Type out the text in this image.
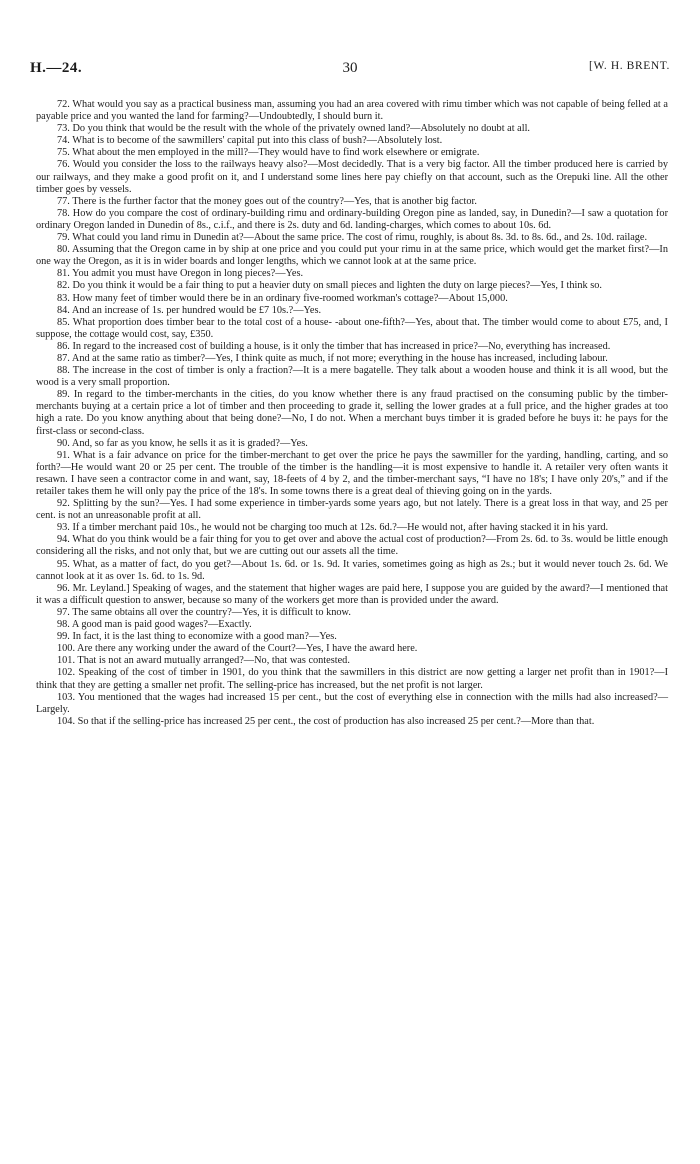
H.—24.	30	[W. H. BRENT.

72. What would you say as a practical business man, assuming you had an area covered with rimu timber which was not capable of being felled at a payable price and you wanted the land for farming?—Undoubtedly, I should burn it.

73. Do you think that would be the result with the whole of the privately owned land?—Absolutely no doubt at all.

74. What is to become of the sawmillers' capital put into this class of bush?—Absolutely lost.

75. What about the men employed in the mill?—They would have to find work elsewhere or emigrate.

76. Would you consider the loss to the railways heavy also?—Most decidedly. That is a very big factor. All the timber produced here is carried by our railways, and they make a good profit on it, and I understand some lines here pay chiefly on that account, such as the Orepuki line. All the other timber goes by vessels.

77. There is the further factor that the money goes out of the country?—Yes, that is another big factor.

78. How do you compare the cost of ordinary-building rimu and ordinary-building Oregon pine as landed, say, in Dunedin?—I saw a quotation for ordinary Oregon landed in Dunedin of 8s., c.i.f., and there is 2s. duty and 6d. landing-charges, which comes to about 10s. 6d.

79. What could you land rimu in Dunedin at?—About the same price. The cost of rimu, roughly, is about 8s. 3d. to 8s. 6d., and 2s. 10d. railage.

80. Assuming that the Oregon came in by ship at one price and you could put your rimu in at the same price, which would get the market first?—In one way the Oregon, as it is in wider boards and longer lengths, which we cannot look at at the same price.

81. You admit you must have Oregon in long pieces?—Yes.

82. Do you think it would be a fair thing to put a heavier duty on small pieces and lighten the duty on large pieces?—Yes, I think so.

83. How many feet of timber would there be in an ordinary five-roomed workman's cottage?—About 15,000.

84. And an increase of 1s. per hundred would be £7 10s.?—Yes.

85. What proportion does timber bear to the total cost of a house- -about one-fifth?—Yes, about that. The timber would come to about £75, and, I suppose, the cottage would cost, say, £350.

86. In regard to the increased cost of building a house, is it only the timber that has increased in price?—No, everything has increased.

87. And at the same ratio as timber?—Yes, I think quite as much, if not more; everything in the house has increased, including labour.

88. The increase in the cost of timber is only a fraction?—It is a mere bagatelle. They talk about a wooden house and think it is all wood, but the wood is a very small proportion.

89. In regard to the timber-merchants in the cities, do you know whether there is any fraud practised on the consuming public by the timber-merchants buying at a certain price a lot of timber and then proceeding to grade it, selling the lower grades at a full price, and the higher grades at too high a rate. Do you know anything about that being done?—No, I do not. When a merchant buys timber it is graded before he buys it: he pays for the first-class or second-class.

90. And, so far as you know, he sells it as it is graded?—Yes.

91. What is a fair advance on price for the timber-merchant to get over the price he pays the sawmiller for the yarding, handling, carting, and so forth?—He would want 20 or 25 per cent. The trouble of the timber is the handling—it is most expensive to handle it. A retailer very often wants it resawn. I have seen a contractor come in and want, say, 18-feets of 4 by 2, and the timber-merchant says, “I have no 18's; I have only 20's,” and if the retailer takes them he will only pay the price of the 18's. In some towns there is a great deal of thieving going on in the yards.

92. Splitting by the sun?—Yes. I had some experience in timber-yards some years ago, but not lately. There is a great loss in that way, and 25 per cent. is not an unreasonable profit at all.

93. If a timber merchant paid 10s., he would not be charging too much at 12s. 6d.?—He would not, after having stacked it in his yard.

94. What do you think would be a fair thing for you to get over and above the actual cost of production?—From 2s. 6d. to 3s. would be little enough considering all the risks, and not only that, but we are cutting out our assets all the time.

95. What, as a matter of fact, do you get?—About 1s. 6d. or 1s. 9d. It varies, sometimes going as high as 2s.; but it would never touch 2s. 6d. We cannot look at it as over 1s. 6d. to 1s. 9d.

96. Mr. Leyland.] Speaking of wages, and the statement that higher wages are paid here, I suppose you are guided by the award?—I mentioned that it was a difficult question to answer, because so many of the workers get more than is provided under the award.

97. The same obtains all over the country?—Yes, it is difficult to know.

98. A good man is paid good wages?—Exactly.

99. In fact, it is the last thing to economize with a good man?—Yes.

100. Are there any working under the award of the Court?—Yes, I have the award here.

101. That is not an award mutually arranged?—No, that was contested.

102. Speaking of the cost of timber in 1901, do you think that the sawmillers in this district are now getting a larger net profit than in 1901?—I think that they are getting a smaller net profit. The selling-price has increased, but the net profit is not larger.

103. You mentioned that the wages had increased 15 per cent., but the cost of everything else in connection with the mills had also increased?—Largely.

104. So that if the selling-price has increased 25 per cent., the cost of production has also increased 25 per cent.?—More than that.
